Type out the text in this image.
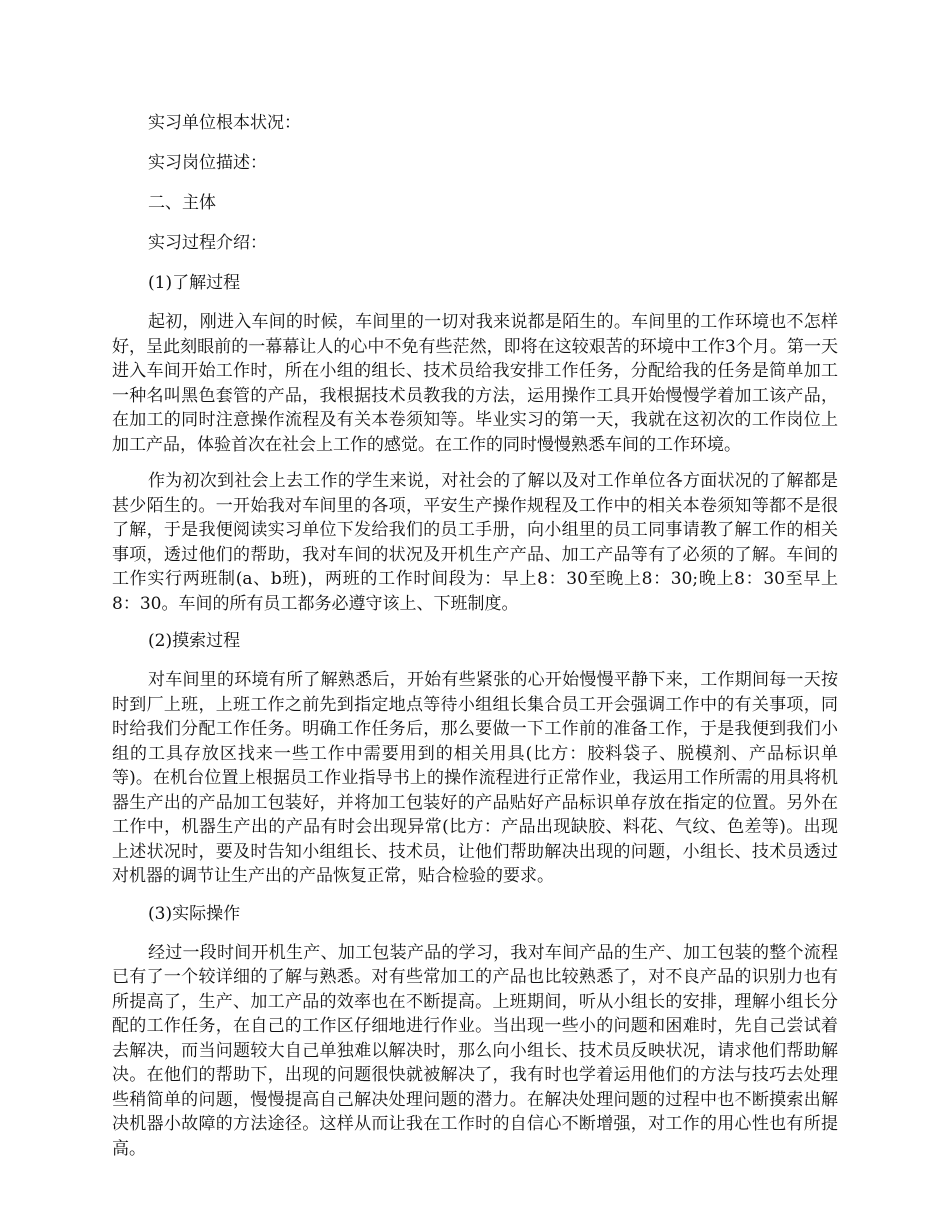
实习单位根本状况：

实习岗位描述：

二、主体

实习过程介绍：

(1)了解过程

起初，刚进入车间的时候，车间里的一切对我来说都是陌生的。车间里的工作环境也不怎样好，呈此刻眼前的一幕幕让人的心中不免有些茫然，即将在这较艰苦的环境中工作3个月。第一天进入车间开始工作时，所在小组的组长、技术员给我安排工作任务，分配给我的任务是简单加工一种名叫黑色套管的产品，我根据技术员教我的方法，运用操作工具开始慢慢学着加工该产品，在加工的同时注意操作流程及有关本卷须知等。毕业实习的第一天，我就在这初次的工作岗位上加工产品，体验首次在社会上工作的感觉。在工作的同时慢慢熟悉车间的工作环境。

作为初次到社会上去工作的学生来说，对社会的了解以及对工作单位各方面状况的了解都是甚少陌生的。一开始我对车间里的各项，平安生产操作规程及工作中的相关本卷须知等都不是很了解，于是我便阅读实习单位下发给我们的员工手册，向小组里的员工同事请教了解工作的相关事项，透过他们的帮助，我对车间的状况及开机生产产品、加工产品等有了必须的了解。车间的工作实行两班制(a、b班)，两班的工作时间段为：早上8：30至晚上8：30;晚上8：30至早上8：30。车间的所有员工都务必遵守该上、下班制度。

(2)摸索过程

对车间里的环境有所了解熟悉后，开始有些紧张的心开始慢慢平静下来，工作期间每一天按时到厂上班，上班工作之前先到指定地点等待小组组长集合员工开会强调工作中的有关事项，同时给我们分配工作任务。明确工作任务后，那么要做一下工作前的准备工作，于是我便到我们小组的工具存放区找来一些工作中需要用到的相关用具(比方：胶料袋子、脱模剂、产品标识单等)。在机台位置上根据员工作业指导书上的操作流程进行正常作业，我运用工作所需的用具将机器生产出的产品加工包装好，并将加工包装好的产品贴好产品标识单存放在指定的位置。另外在工作中，机器生产出的产品有时会出现异常(比方：产品出现缺胶、料花、气纹、色差等)。出现上述状况时，要及时告知小组组长、技术员，让他们帮助解决出现的问题，小组长、技术员透过对机器的调节让生产出的产品恢复正常，贴合检验的要求。

(3)实际操作

经过一段时间开机生产、加工包装产品的学习，我对车间产品的生产、加工包装的整个流程已有了一个较详细的了解与熟悉。对有些常加工的产品也比较熟悉了，对不良产品的识别力也有所提高了，生产、加工产品的效率也在不断提高。上班期间，听从小组长的安排，理解小组长分配的工作任务，在自己的工作区仔细地进行作业。当出现一些小的问题和困难时，先自己尝试着去解决，而当问题较大自己单独难以解决时，那么向小组长、技术员反映状况，请求他们帮助解决。在他们的帮助下，出现的问题很快就被解决了，我有时也学着运用他们的方法与技巧去处理些稍简单的问题，慢慢提高自己解决处理问题的潜力。在解决处理问题的过程中也不断摸索出解决机器小故障的方法途径。这样从而让我在工作时的自信心不断增强，对工作的用心性也有所提高。
